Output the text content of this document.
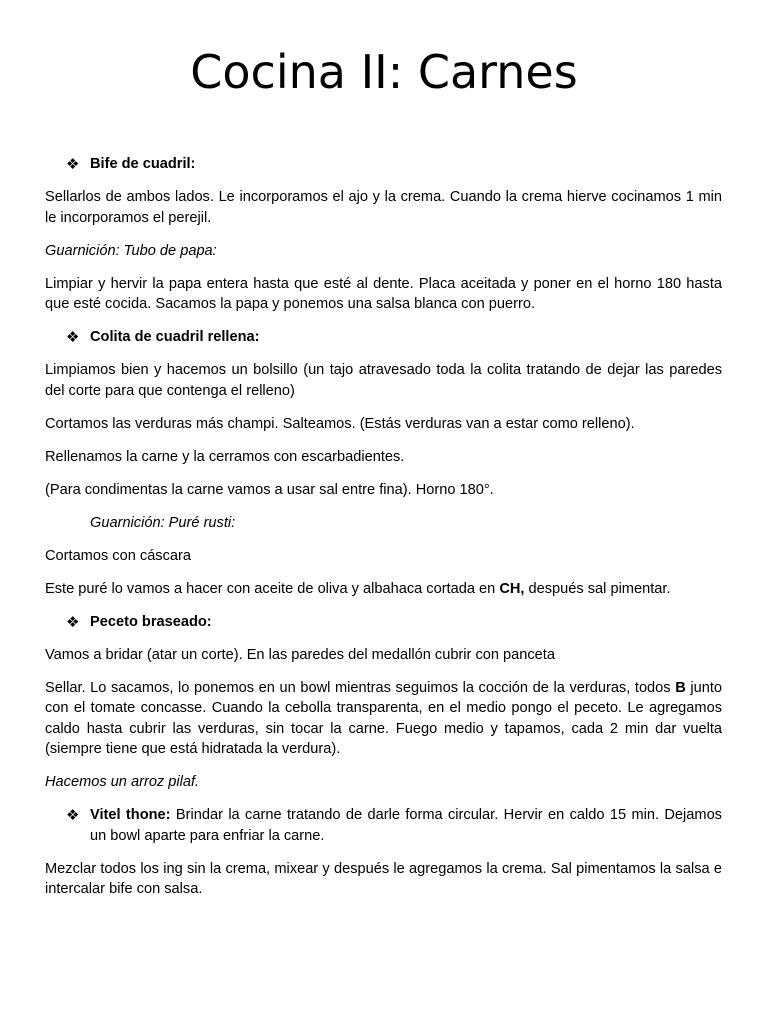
Cocina II: Carnes
❖ Bife de cuadril:

Sellarlos de ambos lados. Le incorporamos el ajo y la crema. Cuando la crema hierve cocinamos 1 min le incorporamos el perejil.

Guarnición: Tubo de papa:

Limpiar y hervir la papa entera hasta que esté al dente. Placa aceitada y poner en el horno 180 hasta que esté cocida. Sacamos la papa y ponemos una salsa blanca con puerro.

❖ Colita de cuadril rellena:

Limpiamos bien y hacemos un bolsillo (un tajo atravesado toda la colita tratando de dejar las paredes del corte para que contenga el relleno)

Cortamos las verduras más champi. Salteamos. (Estás verduras van a estar como relleno).

Rellenamos la carne y la cerramos con escarbadientes.

(Para condimentas la carne vamos a usar sal entre fina). Horno 180°.

Guarnición: Puré rusti:

Cortamos con cáscara

Este puré lo vamos a hacer con aceite de oliva y albahaca cortada en CH, después sal pimentar.

❖ Peceto braseado:

Vamos a bridar (atar un corte). En las paredes del medallón cubrir con panceta

Sellar. Lo sacamos, lo ponemos en un bowl mientras seguimos la cocción de la verduras, todos B junto con el tomate concasse. Cuando la cebolla transparenta, en el medio pongo el peceto. Le agregamos caldo hasta cubrir las verduras, sin tocar la carne. Fuego medio y tapamos, cada 2 min dar vuelta (siempre tiene que está hidratada la verdura).

Hacemos un arroz pilaf.

❖ Vitel thone: Brindar la carne tratando de darle forma circular. Hervir en caldo 15 min. Dejamos un bowl aparte para enfriar la carne.

Mezclar todos los ing sin la crema, mixear y después le agregamos la crema. Sal pimentamos la salsa e intercalar bife con salsa.
